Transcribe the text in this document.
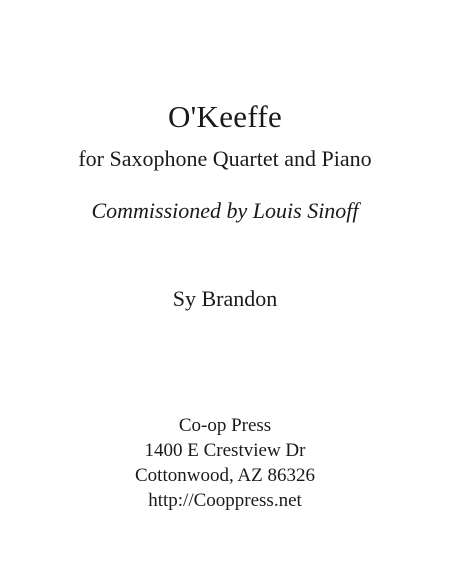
O'Keeffe

for Saxophone Quartet and Piano

Commissioned by Louis Sinoff

Sy Brandon

Co-op Press
1400 E Crestview Dr
Cottonwood, AZ 86326
http://Cooppress.net
